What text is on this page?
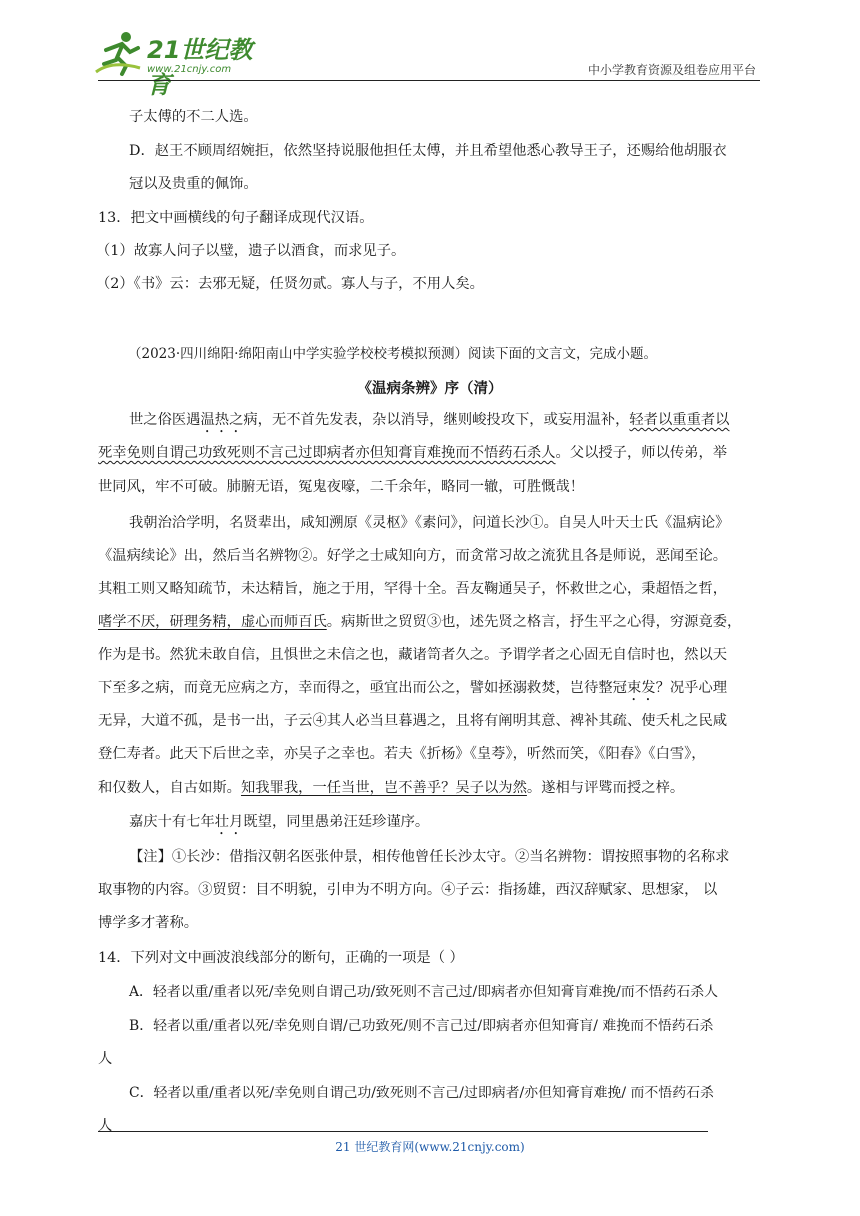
21世纪教育
www.21cnjy.com	中小学教育资源及组卷应用平台
子太傅的不二人选。
D．赵王不顾周绍婉拒，依然坚持说服他担任太傅，并且希望他悉心教导王子，还赐给他胡服衣
冠以及贵重的佩饰。
13．把文中画横线的句子翻译成现代汉语。
（1）故寡人问子以璧，遗子以酒食，而求见子。
（2）《书》云：去邪无疑，任贤勿贰。寡人与子，不用人矣。
（2023·四川绵阳·绵阳南山中学实验学校校考模拟预测）阅读下面的文言文，完成小题。
《温病条辨》序（清）
世之俗医遇温热之病，无不首先发表，杂以消导，继则峻投攻下，或妄用温补，轻者以重重者以
死幸免则自谓己功致死则不言己过即病者亦但知膏肓难挽而不悟药石杀人。父以授子，师以传弟，举
世同风，牢不可破。肺腑无语，冤鬼夜嚎，二千余年，略同一辙，可胜慨哉！
我朝治洽学明，名贤辈出，咸知溯原《灵枢》《素问》，问道长沙①。自吴人叶天士氏《温病论》
《温病续论》出，然后当名辨物②。好学之士咸知向方，而贪常习故之流犹且各是师说，恶闻至论。
其粗工则又略知疏节，未达精旨，施之于用，罕得十全。吾友鞠通吴子，怀救世之心，秉超悟之哲，
嗜学不厌，研理务精，虚心而师百氏。病斯世之贸贸③也，述先贤之格言，抒生平之心得，穷源竟委，
作为是书。然犹未敢自信，且惧世之未信之也，藏诸笥者久之。予谓学者之心固无自信时也，然以天
下至多之病，而竟无应病之方，幸而得之，亟宜出而公之，譬如拯溺救焚，岂待整冠束发？况乎心理
无异，大道不孤，是书一出，子云④其人必当旦暮遇之，且将有阐明其意、裨补其疏、使夭札之民咸
登仁寿者。此天下后世之幸，亦吴子之幸也。若夫《折杨》《皇荂》，听然而笑，《阳春》《白雪》，
和仅数人，自古如斯。知我罪我，一任当世，岂不善乎？吴子以为然。遂相与评骘而授之梓。
嘉庆十有七年壮月既望，同里愚弟汪廷珍谨序。
【注】①长沙：借指汉朝名医张仲景，相传他曾任长沙太守。②当名辨物：谓按照事物的名称求
取事物的内容。③贸贸：目不明貌，引申为不明方向。④子云：指扬雄，西汉辞赋家、思想家， 以
博学多才著称。
14．下列对文中画波浪线部分的断句，正确的一项是（ ）
A．轻者以重/重者以死/幸免则自谓己功/致死则不言己过/即病者亦但知膏肓难挽/而不悟药石杀人
B．轻者以重/重者以死/幸免则自谓/己功致死/则不言己过/即病者亦但知膏肓/ 难挽而不悟药石杀
人
C．轻者以重/重者以死/幸免则自谓己功/致死则不言己/过即病者/亦但知膏肓难挽/ 而不悟药石杀
人
21 世纪教育网(www.21cnjy.com)
